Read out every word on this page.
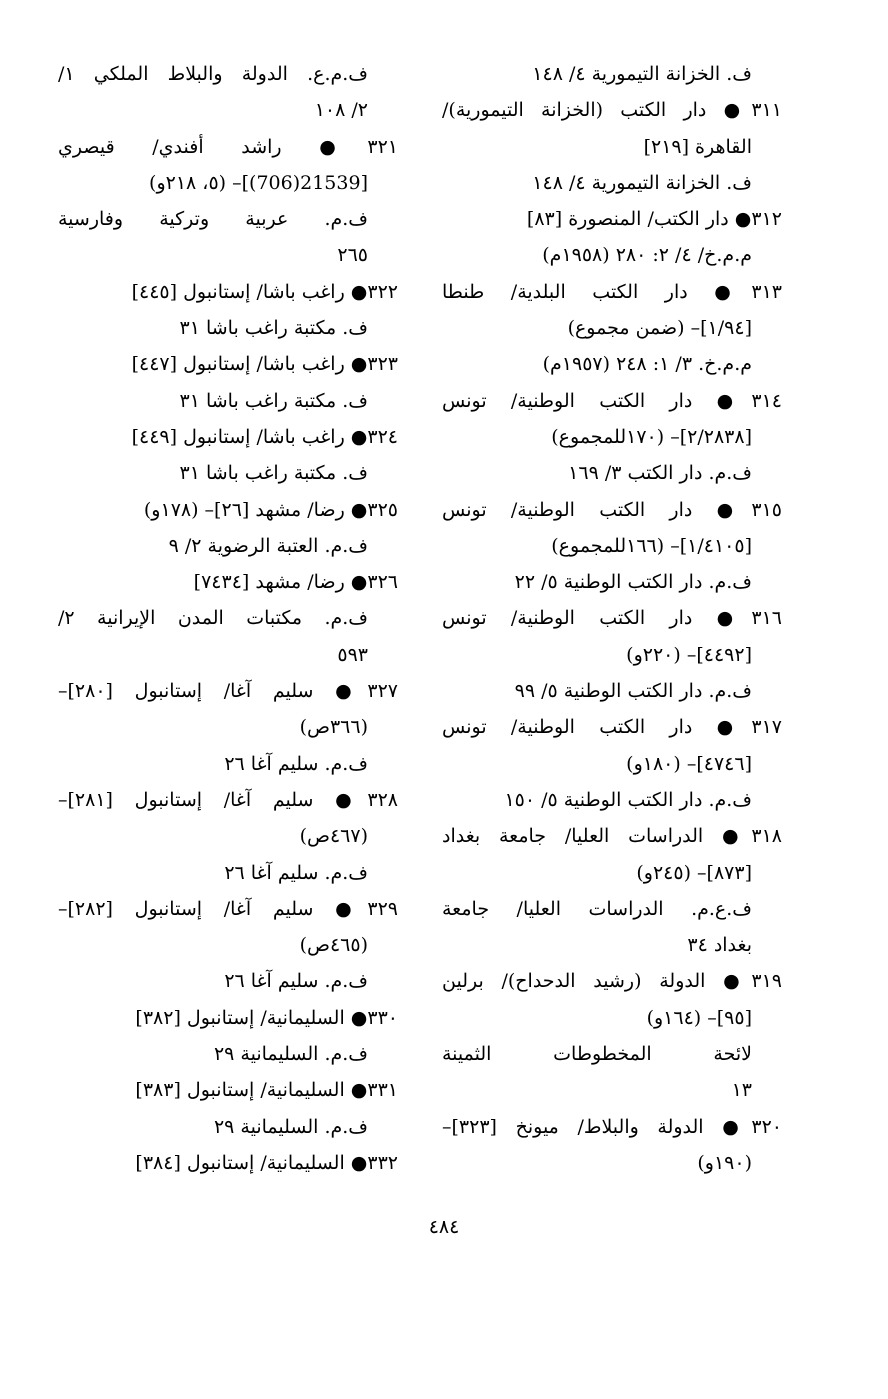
ف. الخزانة التيمورية ٤/ ١٤٨
٣١١● دار الكتب (الخزانة التيمورية)/
القاهرة [٢١٩]
ف. الخزانة التيمورية ٤/ ١٤٨
٣١٢● دار الكتب/ المنصورة [٨٣]
م.م.خ/ ٤/ ٢: ٢٨٠ (١٩٥٨م)
٣١٣● دار الكتب البلدية/ طنطا
[١/٩٤]– (ضمن مجموع)
م.م.خ. ٣/ ١: ٢٤٨ (١٩٥٧م)
٣١٤● دار الكتب الوطنية/ تونس
[٢/٢٨٣٨]– (١٧٠للمجموع)
ف.م. دار الكتب ٣/ ١٦٩
٣١٥● دار الكتب الوطنية/ تونس
[١/٤١٠٥]– (١٦٦للمجموع)
ف.م. دار الكتب الوطنية ٥/ ٢٢
٣١٦● دار الكتب الوطنية/ تونس
[٤٤٩٢]– (٢٢٠و)
ف.م. دار الكتب الوطنية ٥/ ٩٩
٣١٧● دار الكتب الوطنية/ تونس
[٤٧٤٦]– (١٨٠و)
ف.م. دار الكتب الوطنية ٥/ ١٥٠
٣١٨● الدراسات العليا/ جامعة بغداد
[٨٧٣]– (٢٤٥و)
ف.ع.م. الدراسات العليا/ جامعة
بغداد ٣٤
٣١٩● الدولة (رشيد الدحداح)/ برلين
[٩٥]– (١٦٤و)
لائحة المخطوطات الثمينة
١٣
٣٢٠● الدولة والبلاط/ ميونخ [٣٢٣]–
(١٩٠و)
ف.م.ع. الدولة والبلاط الملكي ١/
٢/ ١٠٨
٣٢١● راشد أفندي/ قيصري
[21539(706)]– (٥، ٢١٨و)
ف.م. عربية وتركية وفارسية
٢٦٥
٣٢٢● راغب باشا/ إستانبول [٤٤٥]
ف. مكتبة راغب باشا ٣١
٣٢٣● راغب باشا/ إستانبول [٤٤٧]
ف. مكتبة راغب باشا ٣١
٣٢٤● راغب باشا/ إستانبول [٤٤٩]
ف. مكتبة راغب باشا ٣١
٣٢٥● رضا/ مشهد [٢٦]– (١٧٨و)
ف.م. العتبة الرضوية ٢/ ٩
٣٢٦● رضا/ مشهد [٧٤٣٤]
ف.م. مكتبات المدن الإيرانية ٢/
٥٩٣
٣٢٧● سليم آغا/ إستانبول [٢٨٠]–
(٣٦٦ص)
ف.م. سليم آغا ٢٦
٣٢٨● سليم آغا/ إستانبول [٢٨١]–
(٤٦٧ص)
ف.م. سليم آغا ٢٦
٣٢٩● سليم آغا/ إستانبول [٢٨٢]–
(٤٦٥ص)
ف.م. سليم آغا ٢٦
٣٣٠● السليمانية/ إستانبول [٣٨٢]
ف.م. السليمانية ٢٩
٣٣١● السليمانية/ إستانبول [٣٨٣]
ف.م. السليمانية ٢٩
٣٣٢● السليمانية/ إستانبول [٣٨٤]
٤٨٤
